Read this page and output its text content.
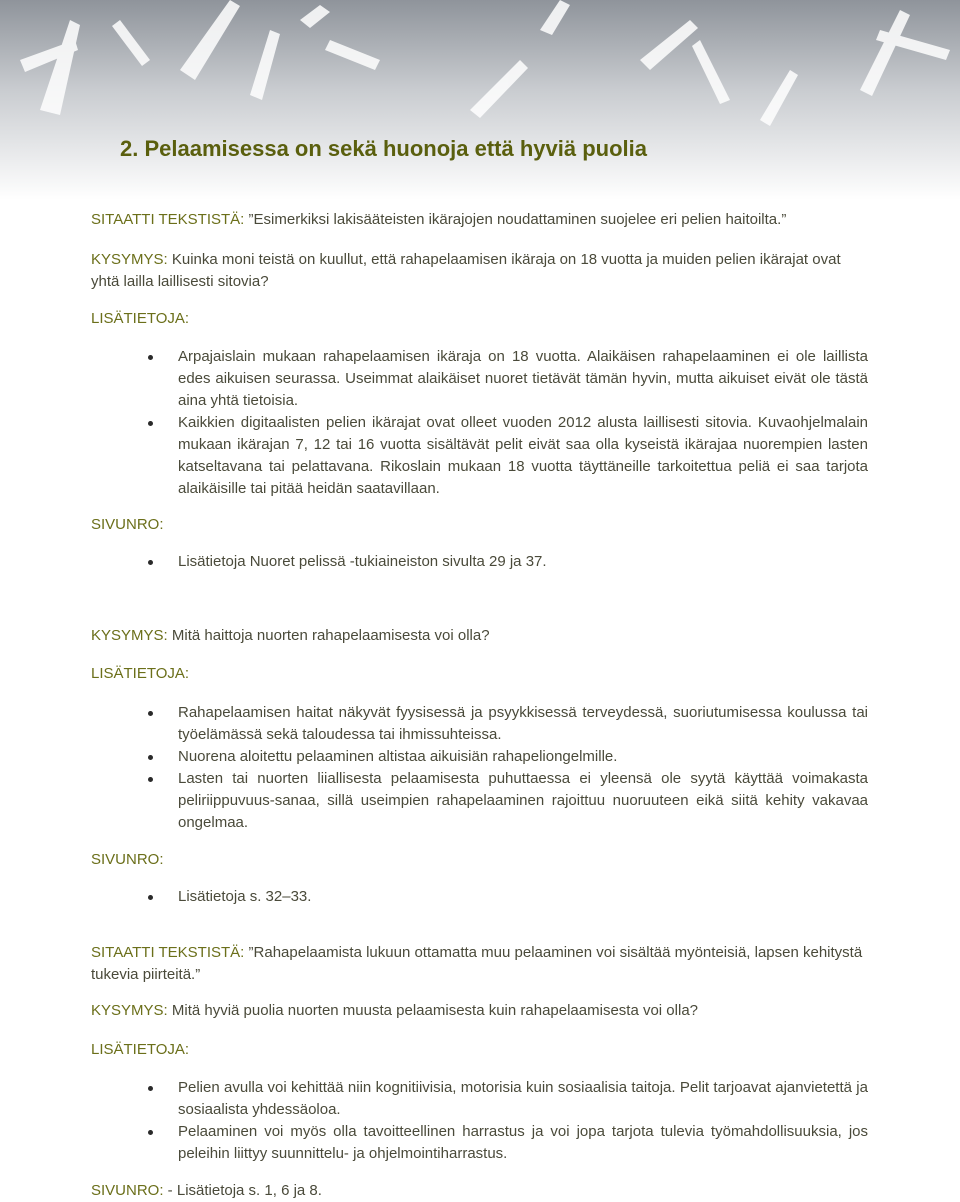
2. Pelaamisessa on sekä huonoja että hyviä puolia
SITAATTI TEKSTISTÄ: ”Esimerkiksi lakisääteisten ikärajojen noudattaminen suojelee eri pelien haitoilta.”
KYSYMYS: Kuinka moni teistä on kuullut, että rahapelaamisen ikäraja on 18 vuotta ja muiden pelien ikärajat ovat yhtä lailla laillisesti sitovia?
LISÄTIETOJA:
Arpajaislain mukaan rahapelaamisen ikäraja on 18 vuotta. Alaikäisen rahapelaaminen ei ole laillista edes aikuisen seurassa. Useimmat alaikäiset nuoret tietävät tämän hyvin, mutta aikuiset eivät ole tästä aina yhtä tietoisia.
Kaikkien digitaalisten pelien ikärajat ovat olleet vuoden 2012 alusta laillisesti sitovia. Kuvaohjelmalain mukaan ikärajan 7, 12 tai 16 vuotta sisältävät pelit eivät saa olla kyseistä ikärajaa nuorempien lasten katseltavana tai pelattavana. Rikoslain mukaan 18 vuotta täyttäneille tarkoitettua peliä ei saa tarjota alaikäisille tai pitää heidän saatavillaan.
SIVUNRO:
Lisätietoja Nuoret pelissä -tukiaineiston sivulta 29 ja 37.
KYSYMYS: Mitä haittoja nuorten rahapelaamisesta voi olla?
LISÄTIETOJA:
Rahapelaamisen haitat näkyvät fyysisessä ja psyykkisessä terveydessä, suoriutumisessa koulussa tai työelämässä sekä taloudessa tai ihmissuhteissa.
Nuorena aloitettu pelaaminen altistaa aikuisiän rahapeliongelmille.
Lasten tai nuorten liiallisesta pelaamisesta puhuttaessa ei yleensä ole syytä käyttää voimakasta peliriippuvuus-sanaa, sillä useimpien rahapelaaminen rajoittuu nuoruuteen eikä siitä kehity vakavaa ongelmaa.
SIVUNRO:
Lisätietoja s. 32–33.
SITAATTI TEKSTISTÄ: ”Rahapelaamista lukuun ottamatta muu pelaaminen voi sisältää myönteisiä, lapsen kehitystä tukevia piirteitä.”
KYSYMYS: Mitä hyviä puolia nuorten muusta pelaamisesta kuin rahapelaamisesta voi olla?
LISÄTIETOJA:
Pelien avulla voi kehittää niin kognitiivisia, motorisia kuin sosiaalisia taitoja. Pelit tarjoavat ajanvietettä ja sosiaalista yhdessäoloa.
Pelaaminen voi myös olla tavoitteellinen harrastus ja voi jopa tarjota tulevia työmahdollisuuksia, jos peleihin liittyy suunnittelu- ja ohjelmointiharrastus.
SIVUNRO: - Lisätietoja s. 1, 6 ja 8.
